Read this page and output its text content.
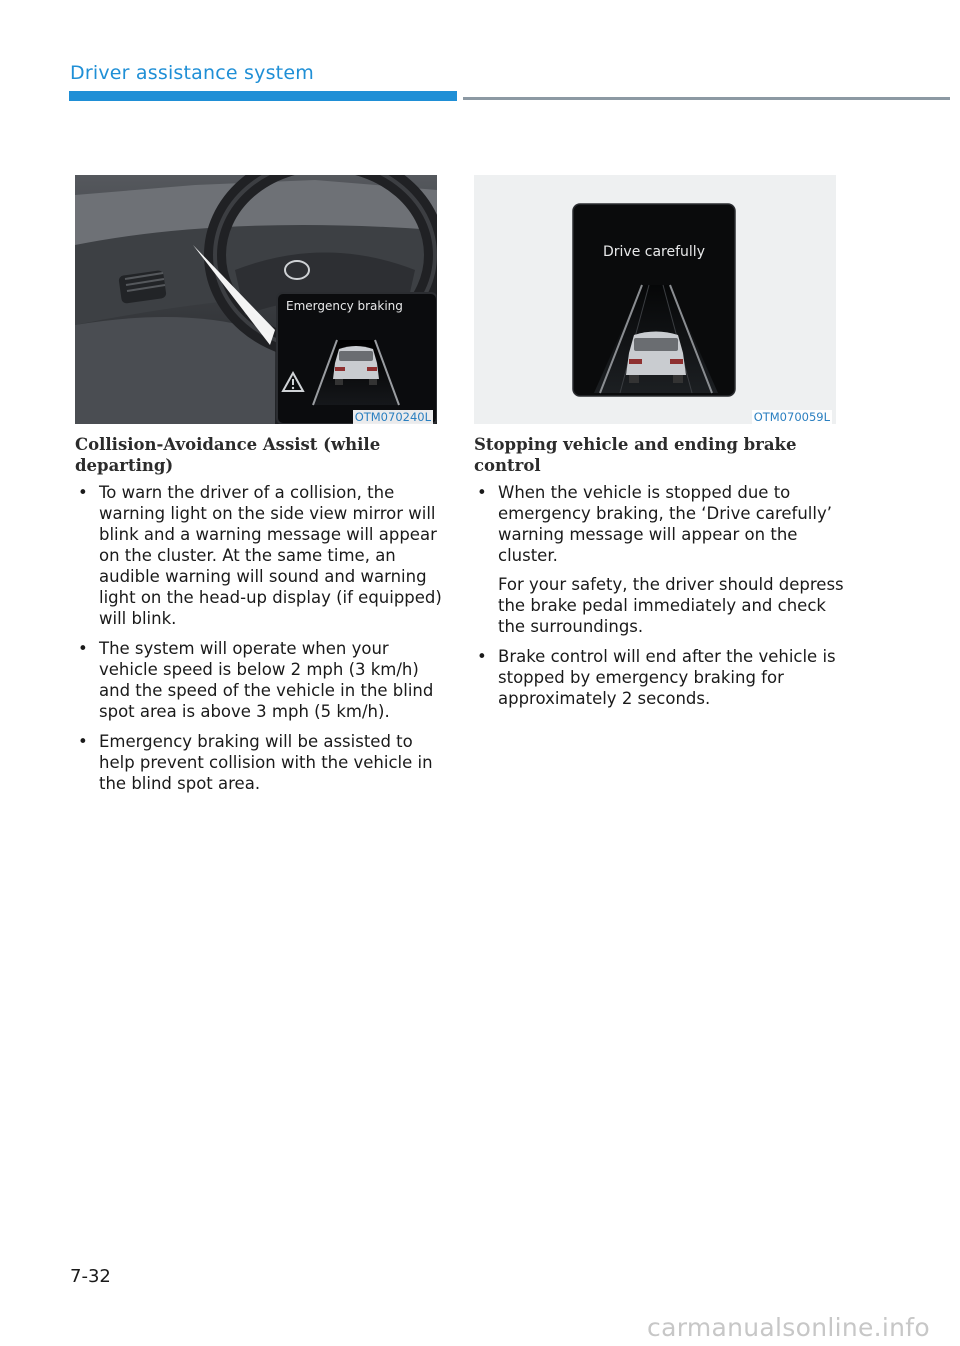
Driver assistance system
Emergency braking
OTM070240L
Drive carefully
OTM070059L
Collision-Avoidance Assist (while departing)
• To warn the driver of a collision, the warning light on the side view mirror will blink and a warning message will appear on the cluster. At the same time, an audible warning will sound and warning light on the head-up display (if equipped) will blink.

• The system will operate when your vehicle speed is below 2 mph (3 km/h) and the speed of the vehicle in the blind spot area is above 3 mph (5 km/h).

• Emergency braking will be assisted to help prevent collision with the vehicle in the blind spot area.

Stopping vehicle and ending brake control
• When the vehicle is stopped due to emergency braking, the ‘Drive carefully’ warning message will appear on the cluster.

For your safety, the driver should depress the brake pedal immediately and check the surroundings.

• Brake control will end after the vehicle is stopped by emergency braking for approximately 2 seconds.

7-32
carmanualsonline.info
